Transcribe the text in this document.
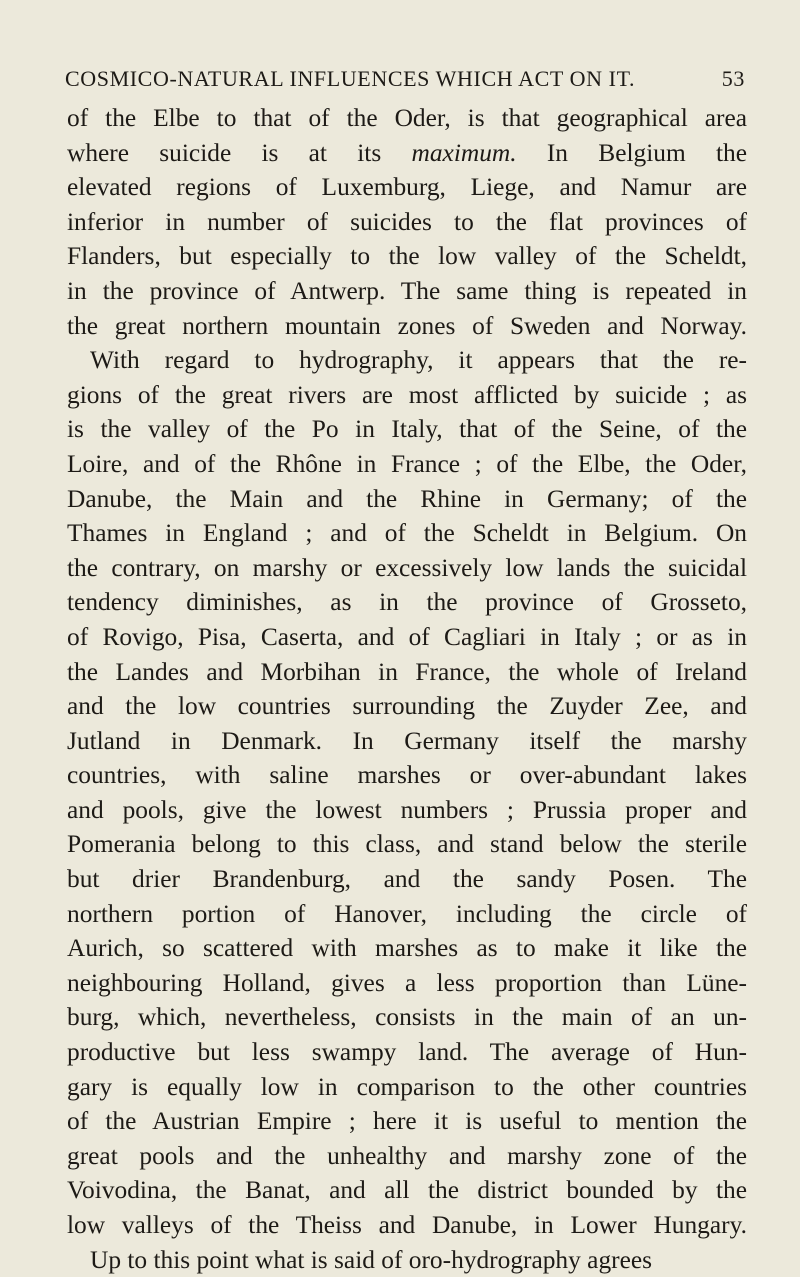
COSMICO-NATURAL INFLUENCES WHICH ACT ON IT.	53
of the Elbe to that of the Oder, is that geographical area
where suicide is at its maximum. In Belgium the
elevated regions of Luxemburg, Liege, and Namur are
inferior in number of suicides to the flat provinces of
Flanders, but especially to the low valley of the Scheldt,
in the province of Antwerp. The same thing is repeated in
the great northern mountain zones of Sweden and Norway.
With regard to hydrography, it appears that the re-
gions of the great rivers are most afflicted by suicide ; as
is the valley of the Po in Italy, that of the Seine, of the
Loire, and of the Rhône in France ; of the Elbe, the Oder,
Danube, the Main and the Rhine in Germany; of the
Thames in England ; and of the Scheldt in Belgium. On
the contrary, on marshy or excessively low lands the suicidal
tendency diminishes, as in the province of Grosseto,
of Rovigo, Pisa, Caserta, and of Cagliari in Italy ; or as in
the Landes and Morbihan in France, the whole of Ireland
and the low countries surrounding the Zuyder Zee, and
Jutland in Denmark. In Germany itself the marshy
countries, with saline marshes or over-abundant lakes
and pools, give the lowest numbers ; Prussia proper and
Pomerania belong to this class, and stand below the sterile
but drier Brandenburg, and the sandy Posen. The
northern portion of Hanover, including the circle of
Aurich, so scattered with marshes as to make it like the
neighbouring Holland, gives a less proportion than Lüne-
burg, which, nevertheless, consists in the main of an un-
productive but less swampy land. The average of Hun-
gary is equally low in comparison to the other countries
of the Austrian Empire ; here it is useful to mention the
great pools and the unhealthy and marshy zone of the
Voivodina, the Banat, and all the district bounded by the
low valleys of the Theiss and Danube, in Lower Hungary.
Up to this point what is said of oro-hydrography agrees
